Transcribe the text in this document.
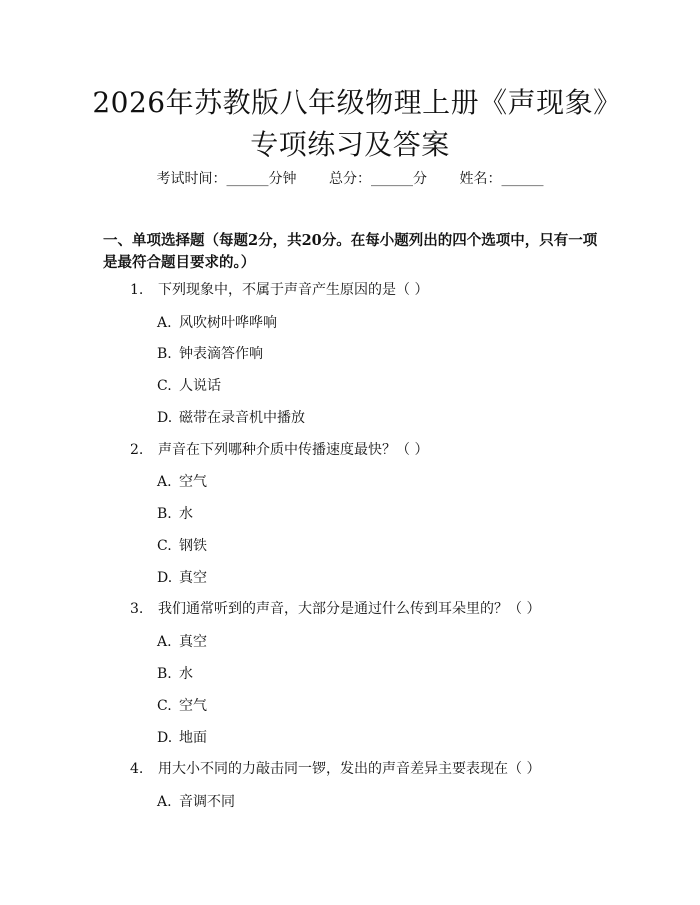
2026年苏教版八年级物理上册《声现象》专项练习及答案
考试时间：______分钟 总分：______分 姓名：______
一、单项选择题（每题2分，共20分。在每小题列出的四个选项中，只有一项是最符合题目要求的。）
1. 下列现象中，不属于声音产生原因的是（ ）
A. 风吹树叶哗哗响
B. 钟表滴答作响
C. 人说话
D. 磁带在录音机中播放
2. 声音在下列哪种介质中传播速度最快？（ ）
A. 空气
B. 水
C. 钢铁
D. 真空
3. 我们通常听到的声音，大部分是通过什么传到耳朵里的？（ ）
A. 真空
B. 水
C. 空气
D. 地面
4. 用大小不同的力敲击同一锣，发出的声音差异主要表现在（ ）
A. 音调不同
